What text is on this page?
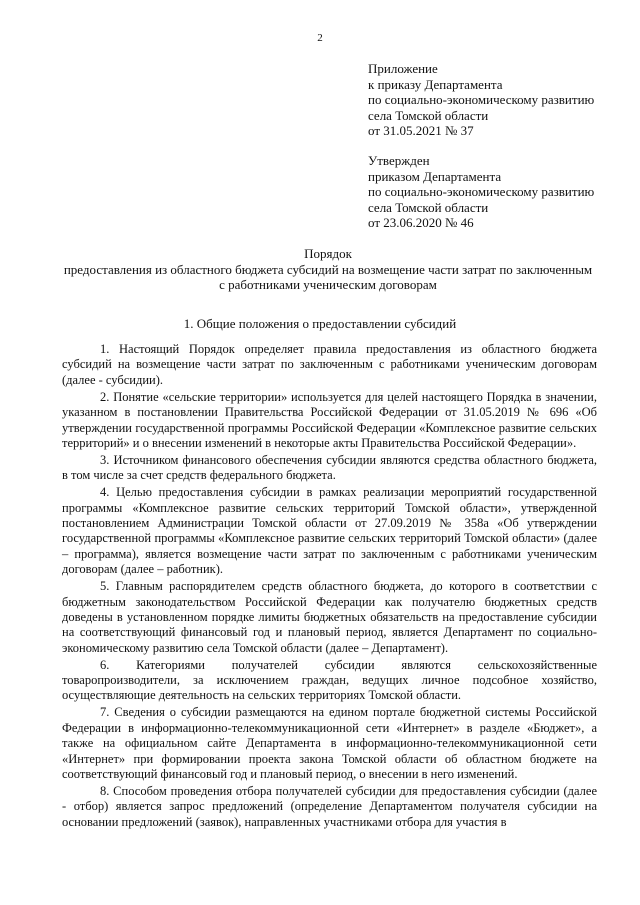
2
Приложение
к приказу Департамента
по социально-экономическому развитию
села Томской области
от 31.05.2021 № 37
Утвержден
приказом Департамента
по социально-экономическому развитию
села Томской области
от 23.06.2020 № 46
Порядок
предоставления из областного бюджета субсидий на возмещение части затрат по заключенным
с работниками ученическим договорам
1. Общие положения о предоставлении субсидий

1. Настоящий Порядок определяет правила предоставления из областного бюджета субсидий на возмещение части затрат по заключенным с работниками ученическим договорам (далее - субсидии).

2. Понятие «сельские территории» используется для целей настоящего Порядка в значении, указанном в постановлении Правительства Российской Федерации от 31.05.2019 № 696 «Об утверждении государственной программы Российской Федерации «Комплексное развитие сельских территорий» и о внесении изменений в некоторые акты Правительства Российской Федерации».

3. Источником финансового обеспечения субсидии являются средства областного бюджета, в том числе за счет средств федерального бюджета.

4. Целью предоставления субсидии в рамках реализации мероприятий государственной программы «Комплексное развитие сельских территорий Томской области», утвержденной постановлением Администрации Томской области от 27.09.2019 № 358а «Об утверждении государственной программы «Комплексное развитие сельских территорий Томской области» (далее – программа), является возмещение части затрат по заключенным с работниками ученическим договорам (далее – работник).

5. Главным распорядителем средств областного бюджета, до которого в соответствии с бюджетным законодательством Российской Федерации как получателю бюджетных средств доведены в установленном порядке лимиты бюджетных обязательств на предоставление субсидии на соответствующий финансовый год и плановый период, является Департамент по социально-экономическому развитию села Томской области (далее – Департамент).

6. Категориями получателей субсидии являются сельскохозяйственные товаропроизводители, за исключением граждан, ведущих личное подсобное хозяйство, осуществляющие деятельность на сельских территориях Томской области.

7. Сведения о субсидии размещаются на едином портале бюджетной системы Российской Федерации в информационно-телекоммуникационной сети «Интернет» в разделе «Бюджет», а также на официальном сайте Департамента в информационно-телекоммуникационной сети «Интернет» при формировании проекта закона Томской области об областном бюджете на соответствующий финансовый год и плановый период, о внесении в него изменений.

8. Способом проведения отбора получателей субсидии для предоставления субсидии (далее - отбор) является запрос предложений (определение Департаментом получателя субсидии на основании предложений (заявок), направленных участниками отбора для участия в
